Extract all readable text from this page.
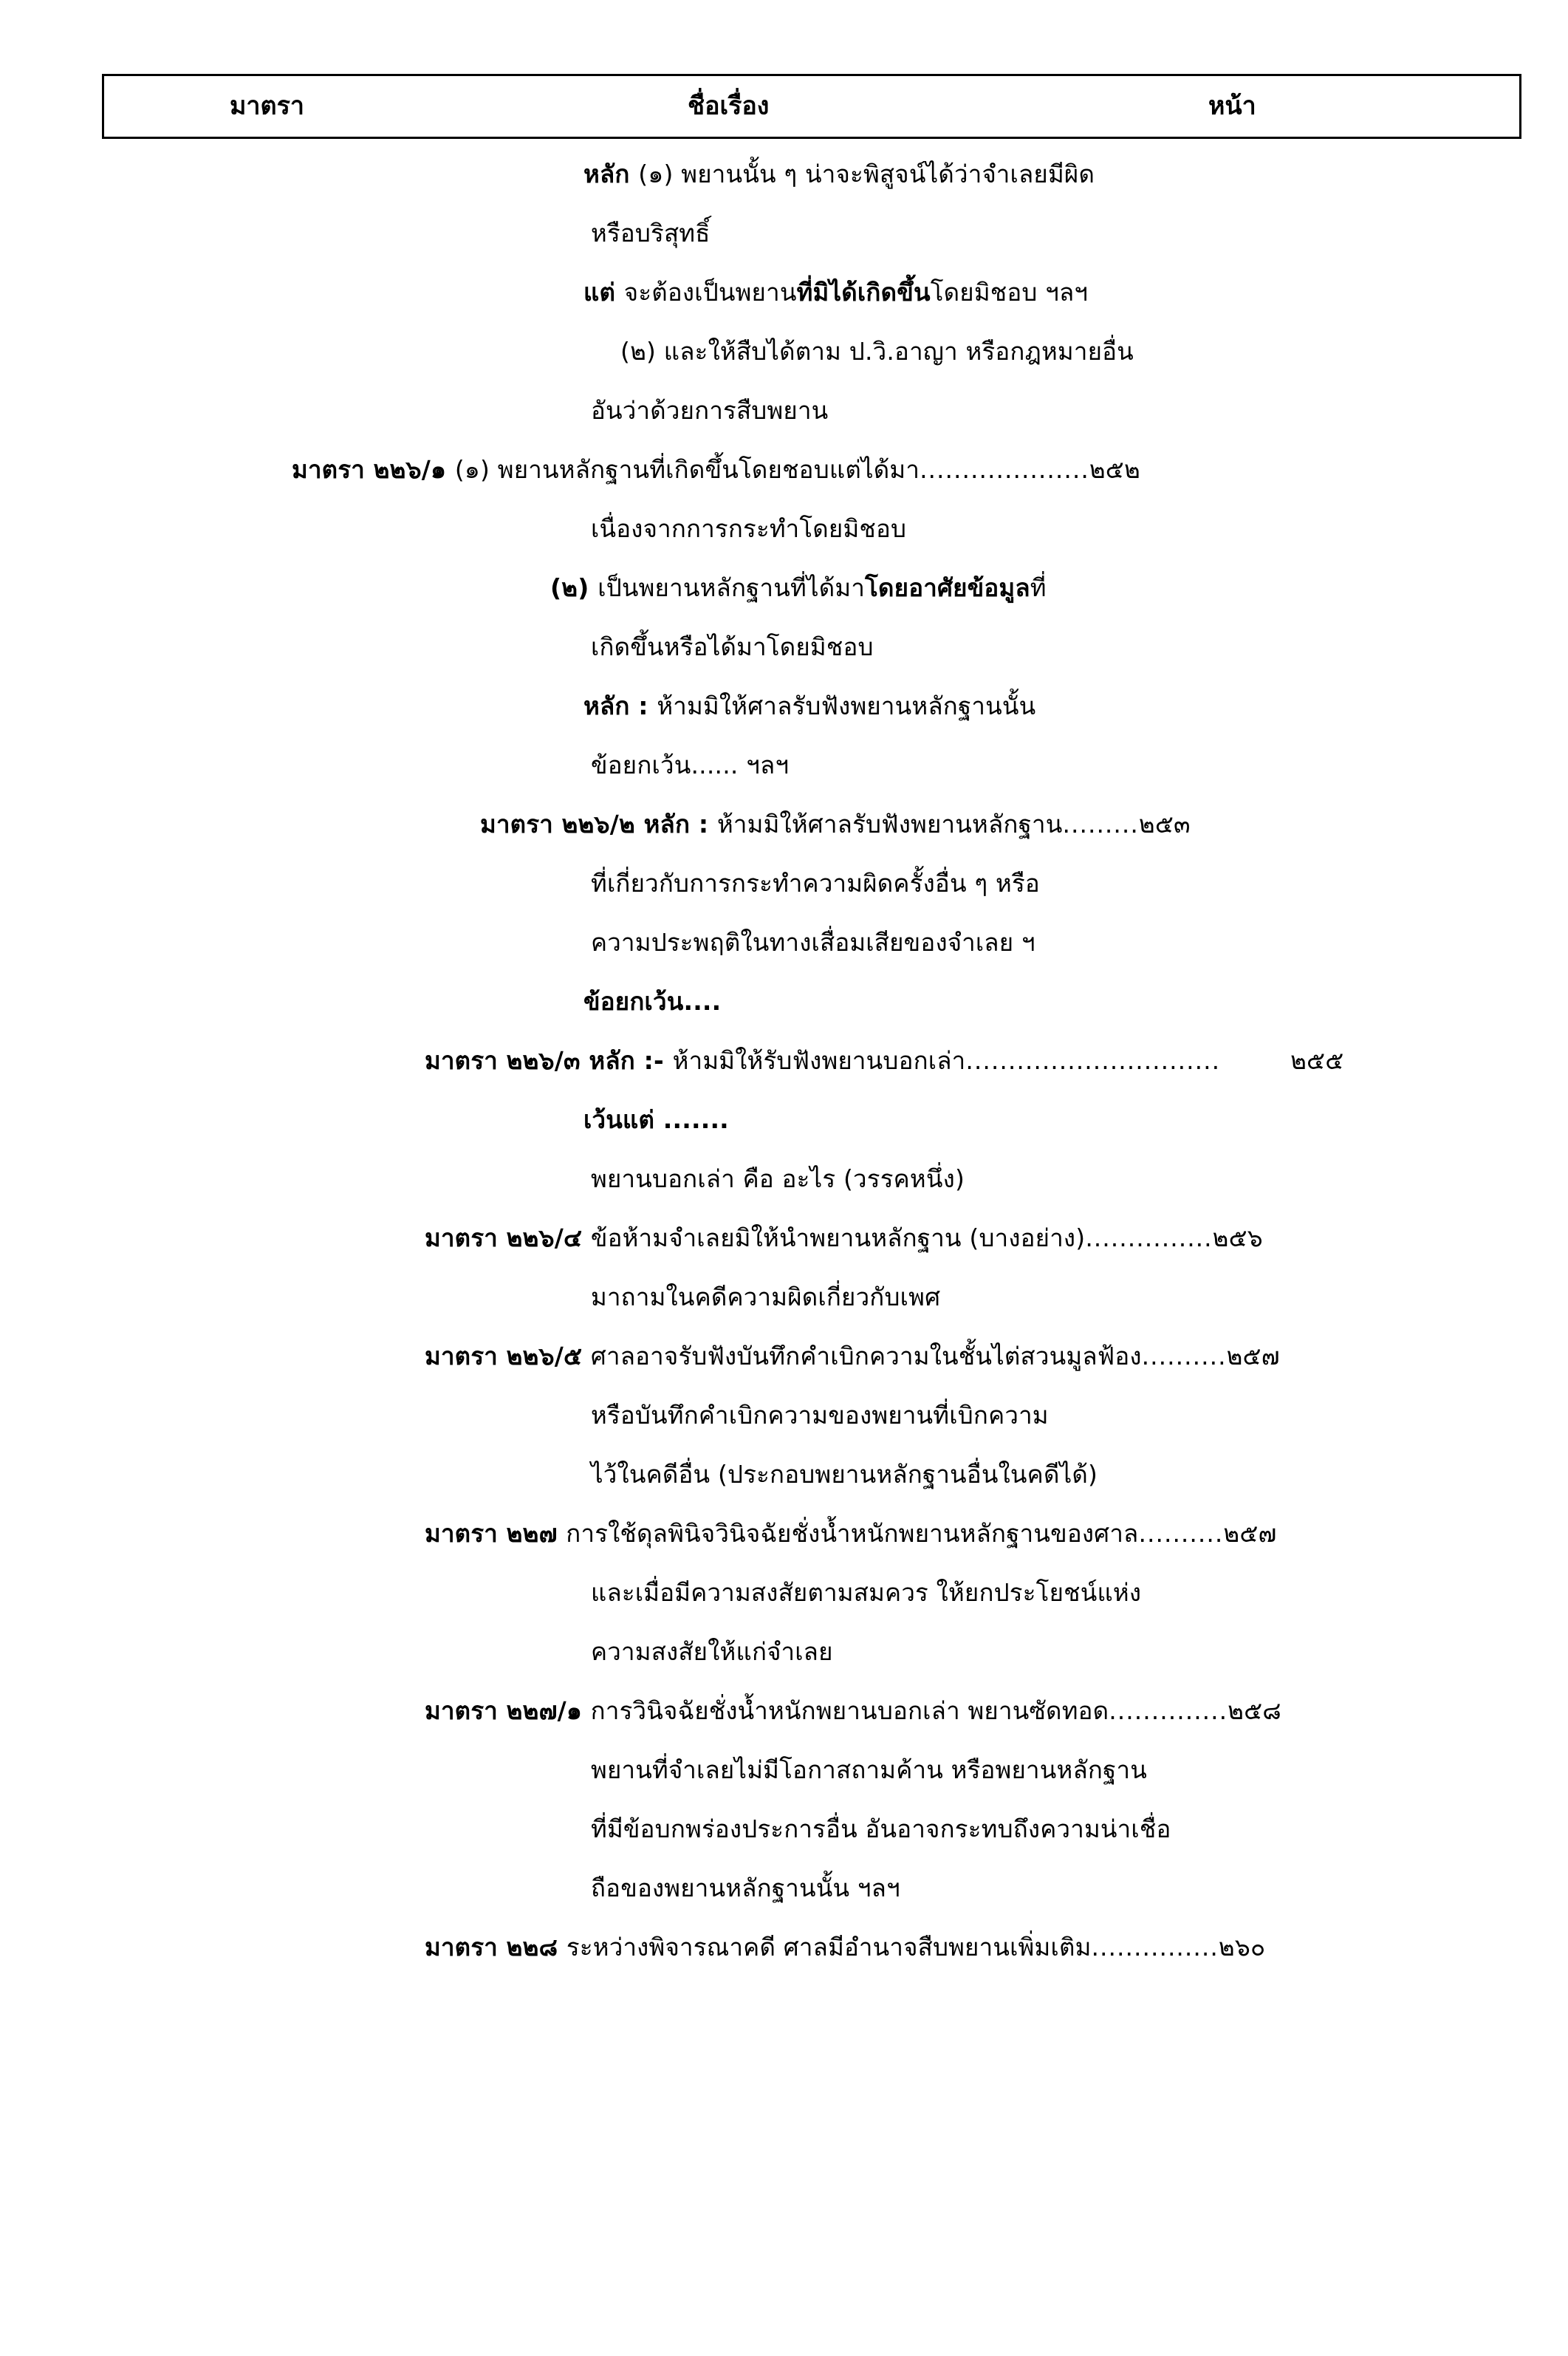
มาตรา	ชื่อเรื่อง	หน้า
หลัก (๑) พยานนั้น ๆ น่าจะพิสูจน์ได้ว่าจำเลยมีผิด
หรือบริสุทธิ์
แต่ จะต้องเป็นพยานที่มิได้เกิดขึ้นโดยมิชอบ ฯลฯ
(๒) และให้สืบได้ตาม ป.วิ.อาญา หรือกฎหมายอื่น
อันว่าด้วยการสืบพยาน
มาตรา ๒๒๖/๑ (๑) พยานหลักฐานที่เกิดขึ้นโดยชอบแต่ได้มา....................๒๕๒
เนื่องจากการกระทำโดยมิชอบ
(๒) เป็นพยานหลักฐานที่ได้มาโดยอาศัยข้อมูลที่
เกิดขึ้นหรือได้มาโดยมิชอบ
หลัก : ห้ามมิให้ศาลรับฟังพยานหลักฐานนั้น
ข้อยกเว้น...... ฯลฯ
มาตรา ๒๒๖/๒ หลัก : ห้ามมิให้ศาลรับฟังพยานหลักฐาน.........๒๕๓
ที่เกี่ยวกับการกระทำความผิดครั้งอื่น ๆ หรือ
ความประพฤติในทางเสื่อมเสียของจำเลย ฯ
ข้อยกเว้น....
มาตรา ๒๒๖/๓ หลัก :- ห้ามมิให้รับฟังพยานบอกเล่า..............................	๒๕๕
เว้นแต่ .......
พยานบอกเล่า คือ อะไร (วรรคหนึ่ง)
มาตรา ๒๒๖/๔ ข้อห้ามจำเลยมิให้นำพยานหลักฐาน (บางอย่าง)...............๒๕๖
มาถามในคดีความผิดเกี่ยวกับเพศ
มาตรา ๒๒๖/๕ ศาลอาจรับฟังบันทึกคำเบิกความในชั้นไต่สวนมูลฟ้อง..........๒๕๗
หรือบันทึกคำเบิกความของพยานที่เบิกความ
ไว้ในคดีอื่น (ประกอบพยานหลักฐานอื่นในคดีได้)
มาตรา ๒๒๗ การใช้ดุลพินิจวินิจฉัยชั่งน้ำหนักพยานหลักฐานของศาล..........๒๕๗
และเมื่อมีความสงสัยตามสมควร ให้ยกประโยชน์แห่ง
ความสงสัยให้แก่จำเลย
มาตรา ๒๒๗/๑ การวินิจฉัยชั่งน้ำหนักพยานบอกเล่า พยานซัดทอด..............๒๕๘
พยานที่จำเลยไม่มีโอกาสถามค้าน หรือพยานหลักฐาน
ที่มีข้อบกพร่องประการอื่น อันอาจกระทบถึงความน่าเชื่อ
ถือของพยานหลักฐานนั้น ฯลฯ
มาตรา ๒๒๘ ระหว่างพิจารณาคดี ศาลมีอำนาจสืบพยานเพิ่มเติม...............๒๖๐
